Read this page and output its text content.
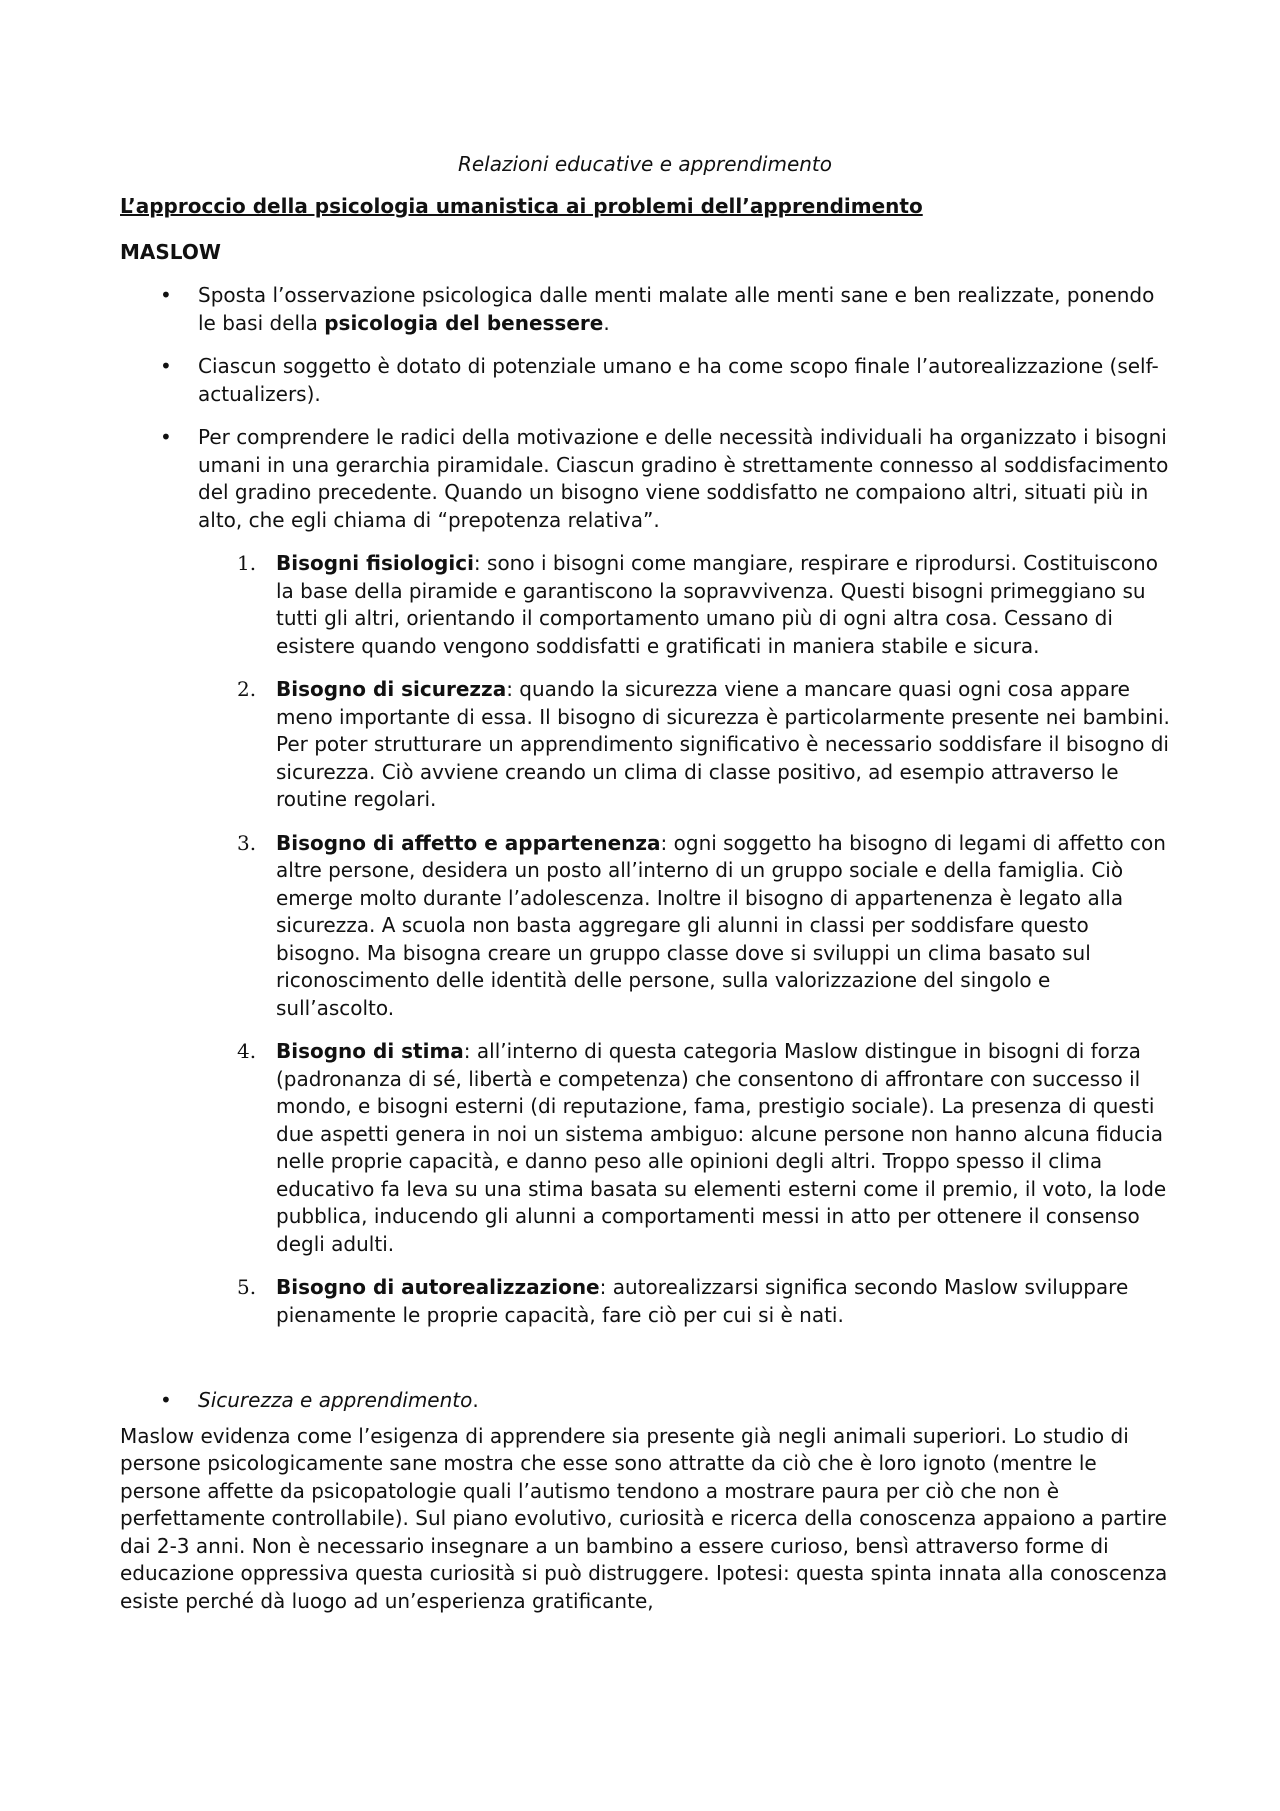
Relazioni educative e apprendimento
L’approccio della psicologia umanistica ai problemi dell’apprendimento
MASLOW
• Sposta l’osservazione psicologica dalle menti malate alle menti sane e ben realizzate, ponendo le basi della psicologia del benessere.
• Ciascun soggetto è dotato di potenziale umano e ha come scopo finale l’autorealizzazione (self-actualizers).
• Per comprendere le radici della motivazione e delle necessità individuali ha organizzato i bisogni umani in una gerarchia piramidale. Ciascun gradino è strettamente connesso al soddisfacimento del gradino precedente. Quando un bisogno viene soddisfatto ne compaiono altri, situati più in alto, che egli chiama di “prepotenza relativa”.
1. Bisogni fisiologici: sono i bisogni come mangiare, respirare e riprodursi. Costituiscono la base della piramide e garantiscono la sopravvivenza. Questi bisogni primeggiano su tutti gli altri, orientando il comportamento umano più di ogni altra cosa. Cessano di esistere quando vengono soddisfatti e gratificati in maniera stabile e sicura.
2. Bisogno di sicurezza: quando la sicurezza viene a mancare quasi ogni cosa appare meno importante di essa. Il bisogno di sicurezza è particolarmente presente nei bambini. Per poter strutturare un apprendimento significativo è necessario soddisfare il bisogno di sicurezza. Ciò avviene creando un clima di classe positivo, ad esempio attraverso le routine regolari.
3. Bisogno di affetto e appartenenza: ogni soggetto ha bisogno di legami di affetto con altre persone, desidera un posto all’interno di un gruppo sociale e della famiglia. Ciò emerge molto durante l’adolescenza. Inoltre il bisogno di appartenenza è legato alla sicurezza. A scuola non basta aggregare gli alunni in classi per soddisfare questo bisogno. Ma bisogna creare un gruppo classe dove si sviluppi un clima basato sul riconoscimento delle identità delle persone, sulla valorizzazione del singolo e sull’ascolto.
4. Bisogno di stima: all’interno di questa categoria Maslow distingue in bisogni di forza (padronanza di sé, libertà e competenza) che consentono di affrontare con successo il mondo, e bisogni esterni (di reputazione, fama, prestigio sociale). La presenza di questi due aspetti genera in noi un sistema ambiguo: alcune persone non hanno alcuna fiducia nelle proprie capacità, e danno peso alle opinioni degli altri. Troppo spesso il clima educativo fa leva su una stima basata su elementi esterni come il premio, il voto, la lode pubblica, inducendo gli alunni a comportamenti messi in atto per ottenere il consenso degli adulti.
5. Bisogno di autorealizzazione: autorealizzarsi significa secondo Maslow sviluppare pienamente le proprie capacità, fare ciò per cui si è nati.
• Sicurezza e apprendimento.

Maslow evidenza come l’esigenza di apprendere sia presente già negli animali superiori. Lo studio di persone psicologicamente sane mostra che esse sono attratte da ciò che è loro ignoto (mentre le persone affette da psicopatologie quali l’autismo tendono a mostrare paura per ciò che non è perfettamente controllabile). Sul piano evolutivo, curiosità e ricerca della conoscenza appaiono a partire dai 2-3 anni. Non è necessario insegnare a un bambino a essere curioso, bensì attraverso forme di educazione oppressiva questa curiosità si può distruggere. Ipotesi: questa spinta innata alla conoscenza esiste perché dà luogo ad un’esperienza gratificante,
